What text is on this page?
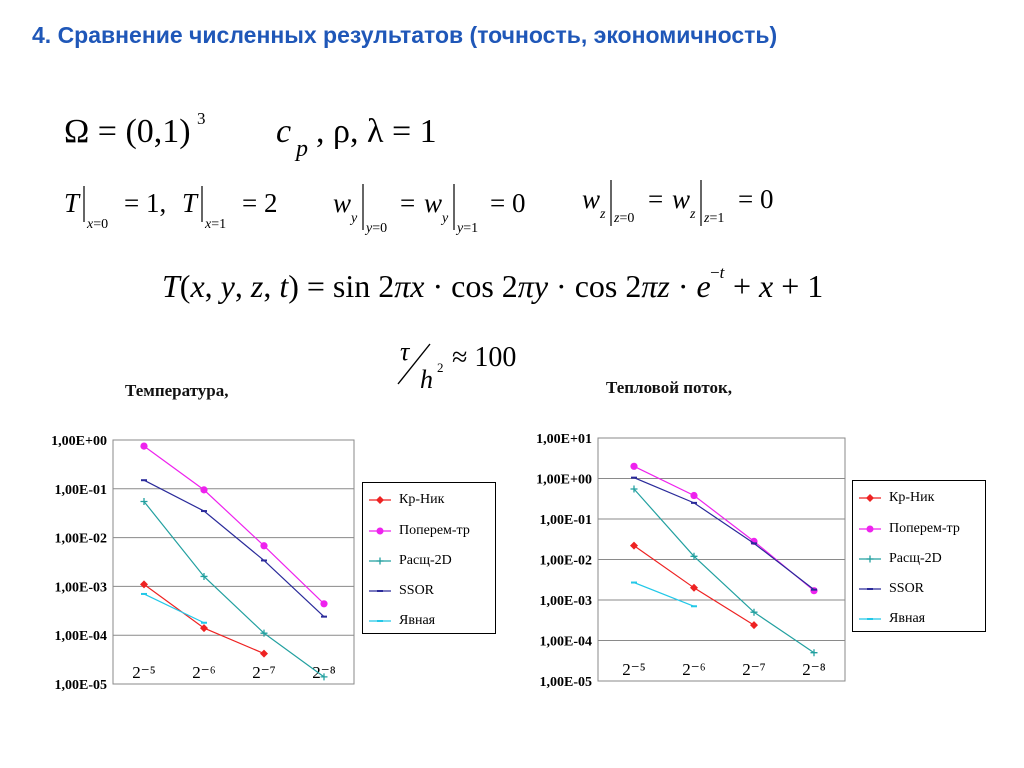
4. Сравнение численных результатов (точность, экономичность)
Ω = (0,1) 3 c p , ρ, λ = 1
T
x=0
= 1, T
x=1
= 2 w
y
y=0
= w
y
y=1
= 0 w
z z=0
= w
z z=1
= 0
T(x, y, z, t) = sin 2πx · cos 2πy · cos 2πz · e −t + x + 1
τ
h 2 ≈ 100
Температура,	Тепловой поток,
1,00E+00
1,00E-01
1,00E-02
1,00E-03
1,00E-04
1,00E-05
2⁻⁵ 2⁻⁶ 2⁻⁷ 2⁻⁸
1,00E+01
1,00E+00
1,00E-01
1,00E-02
1,00E-03
1,00E-04
1,00E-05
2⁻⁵ 2⁻⁶ 2⁻⁷ 2⁻⁸
Кр-Ник
Поперем-тр
Расщ-2D
SSOR
Явная
Кр-Ник
Поперем-тр
Расщ-2D
SSOR
Явная
